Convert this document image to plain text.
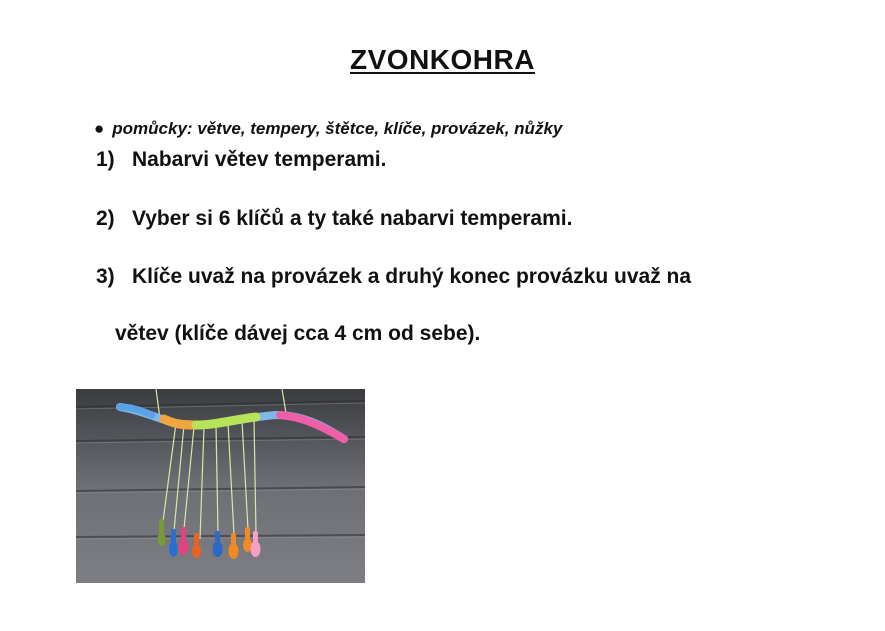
ZVONKOHRA
● pomůcky: větve, tempery, štětce, klíče, provázek, nůžky
1) Nabarvi větev temperami.
2) Vyber si 6 klíčů a ty také nabarvi temperami.
3) Klíče uvaž na provázek a druhý konec provázku uvaž na
větev (klíče dávej cca 4 cm od sebe).
